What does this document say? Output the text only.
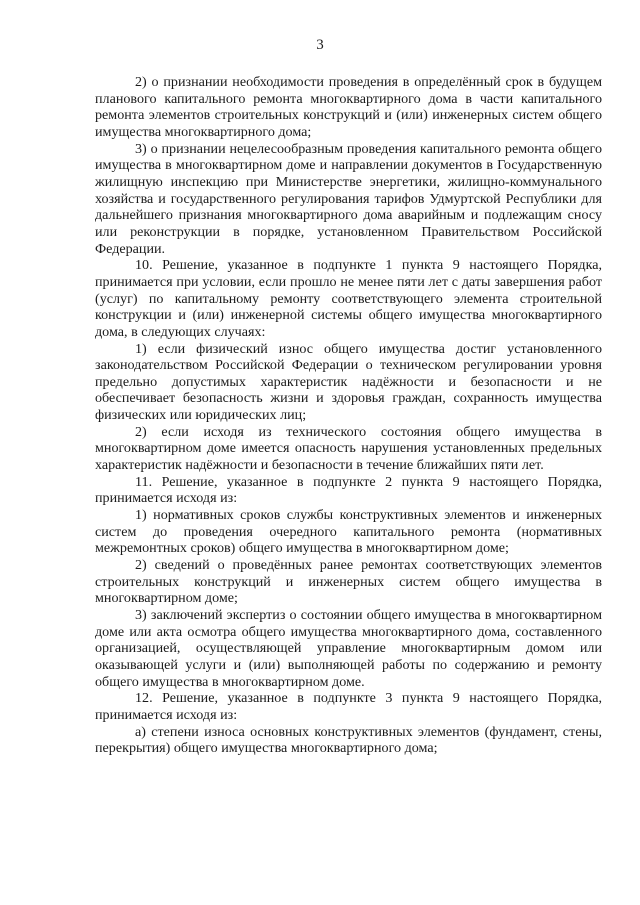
3

2) о признании необходимости проведения в определённый срок в будущем планового капитального ремонта многоквартирного дома в части капитального ремонта элементов строительных конструкций и (или) инженерных систем общего имущества многоквартирного дома;

3) о признании нецелесообразным проведения капитального ремонта общего имущества в многоквартирном доме и направлении документов в Государственную жилищную инспекцию при Министерстве энергетики, жилищно-коммунального хозяйства и государственного регулирования тарифов Удмуртской Республики для дальнейшего признания многоквартирного дома аварийным и подлежащим сносу или реконструкции в порядке, установленном Правительством Российской Федерации.

10. Решение, указанное в подпункте 1 пункта 9 настоящего Порядка, принимается при условии, если прошло не менее пяти лет с даты завершения работ (услуг) по капитальному ремонту соответствующего элемента строительной конструкции и (или) инженерной системы общего имущества многоквартирного дома, в следующих случаях:

1) если физический износ общего имущества достиг установленного законодательством Российской Федерации о техническом регулировании уровня предельно допустимых характеристик надёжности и безопасности и не обеспечивает безопасность жизни и здоровья граждан, сохранность имущества физических или юридических лиц;

2) если исходя из технического состояния общего имущества в многоквартирном доме имеется опасность нарушения установленных предельных характеристик надёжности и безопасности в течение ближайших пяти лет.

11. Решение, указанное в подпункте 2 пункта 9 настоящего Порядка, принимается исходя из:

1) нормативных сроков службы конструктивных элементов и инженерных систем до проведения очередного капитального ремонта (нормативных межремонтных сроков) общего имущества в многоквартирном доме;

2) сведений о проведённых ранее ремонтах соответствующих элементов строительных конструкций и инженерных систем общего имущества в многоквартирном доме;

3) заключений экспертиз о состоянии общего имущества в многоквартирном доме или акта осмотра общего имущества многоквартирного дома, составленного организацией, осуществляющей управление многоквартирным домом или оказывающей услуги и (или) выполняющей работы по содержанию и ремонту общего имущества в многоквартирном доме.

12. Решение, указанное в подпункте 3 пункта 9 настоящего Порядка, принимается исходя из:

а) степени износа основных конструктивных элементов (фундамент, стены, перекрытия) общего имущества многоквартирного дома;
